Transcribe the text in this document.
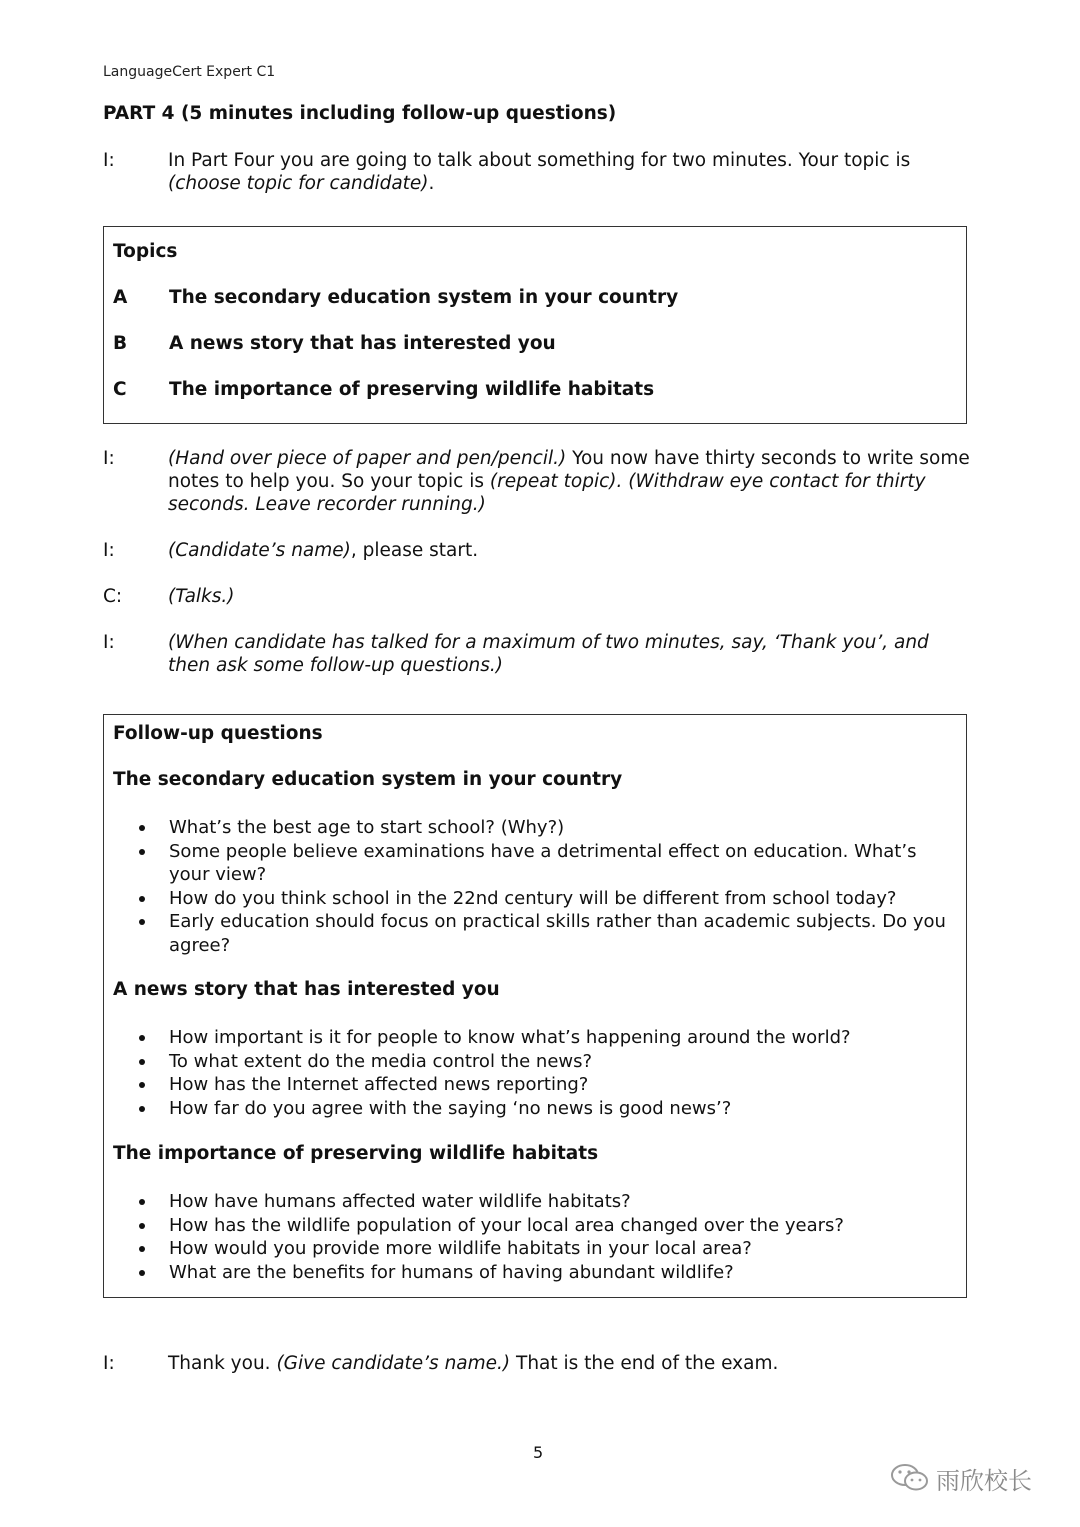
LanguageCert Expert C1
PART 4 (5 minutes including follow-up questions)
I:	In Part Four you are going to talk about something for two minutes. Your topic is (choose topic for candidate).
Topics
A The secondary education system in your country
B A news story that has interested you
C The importance of preserving wildlife habitats
I:	(Hand over piece of paper and pen/pencil.) You now have thirty seconds to write some notes to help you. So your topic is (repeat topic). (Withdraw eye contact for thirty seconds. Leave recorder running.)
I:	(Candidate’s name), please start.
C: (Talks.)
I:	(When candidate has talked for a maximum of two minutes, say, ‘Thank you’, and then ask some follow-up questions.)
Follow-up questions
The secondary education system in your country
What’s the best age to start school? (Why?)
Some people believe examinations have a detrimental effect on education. What’s your view?
How do you think school in the 22nd century will be different from school today?
Early education should focus on practical skills rather than academic subjects. Do you agree?
A news story that has interested you
How important is it for people to know what’s happening around the world?
To what extent do the media control the news?
How has the Internet affected news reporting?
How far do you agree with the saying ‘no news is good news’?
The importance of preserving wildlife habitats
How have humans affected water wildlife habitats?
How has the wildlife population of your local area changed over the years?
How would you provide more wildlife habitats in your local area?
What are the benefits for humans of having abundant wildlife?
I:	Thank you. (Give candidate’s name.) That is the end of the exam.
5
雨欣校长
